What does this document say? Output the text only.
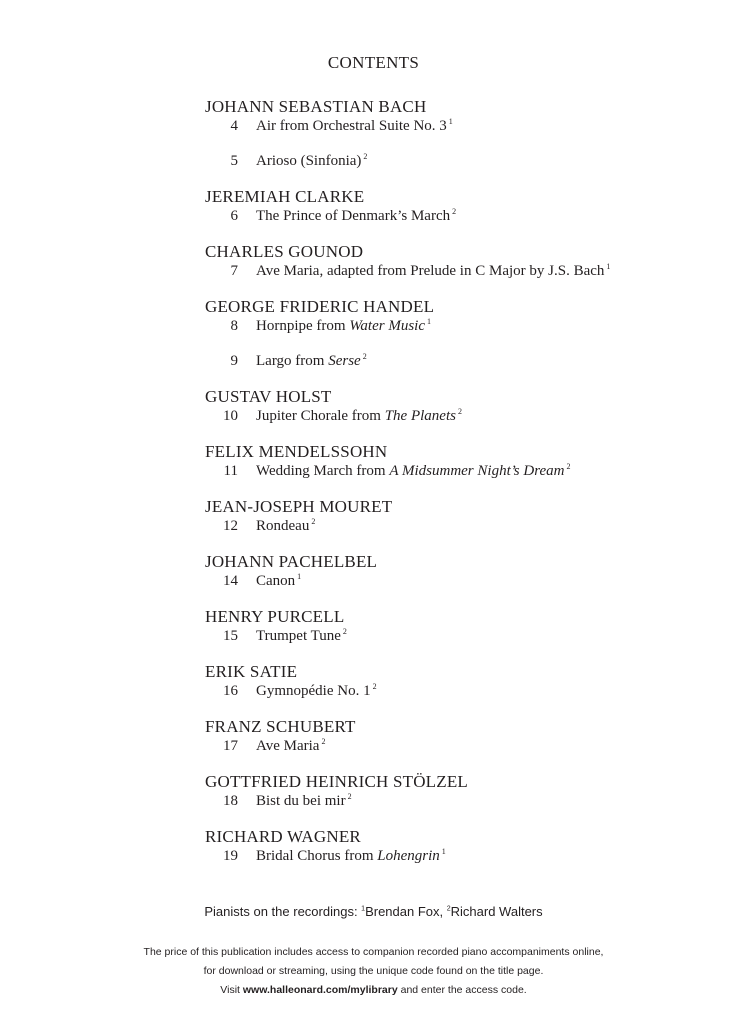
CONTENTS
JOHANN SEBASTIAN BACH
4	Air from Orchestral Suite No. 3 $^1$
5	Arioso (Sinfonia) $^2$
JEREMIAH CLARKE
6	The Prince of Denmark’s March $^2$
CHARLES GOUNOD
7	Ave Maria, adapted from Prelude in C Major by J.S. Bach $^1$
GEORGE FRIDERIC HANDEL
8	Hornpipe from Water Music $^1$
9	Largo from Serse $^2$
GUSTAV HOLST
10	Jupiter Chorale from The Planets $^2$
FELIX MENDELSSOHN
11	Wedding March from A Midsummer Night’s Dream $^2$
JEAN-JOSEPH MOURET
12	Rondeau $^2$
JOHANN PACHELBEL
14	Canon $^1$
HENRY PURCELL
15	Trumpet Tune $^2$
ERIK SATIE
16	Gymnopédie No. 1 $^2$
FRANZ SCHUBERT
17	Ave Maria $^2$
GOTTFRIED HEINRICH STÖLZEL
18	Bist du bei mir $^2$
RICHARD WAGNER
19	Bridal Chorus from Lohengrin $^1$
Pianists on the recordings: $^1$Brendan Fox, $^2$Richard Walters
The price of this publication includes access to companion recorded piano accompaniments online,
for download or streaming, using the unique code found on the title page.
Visit www.halleonard.com/mylibrary and enter the access code.
